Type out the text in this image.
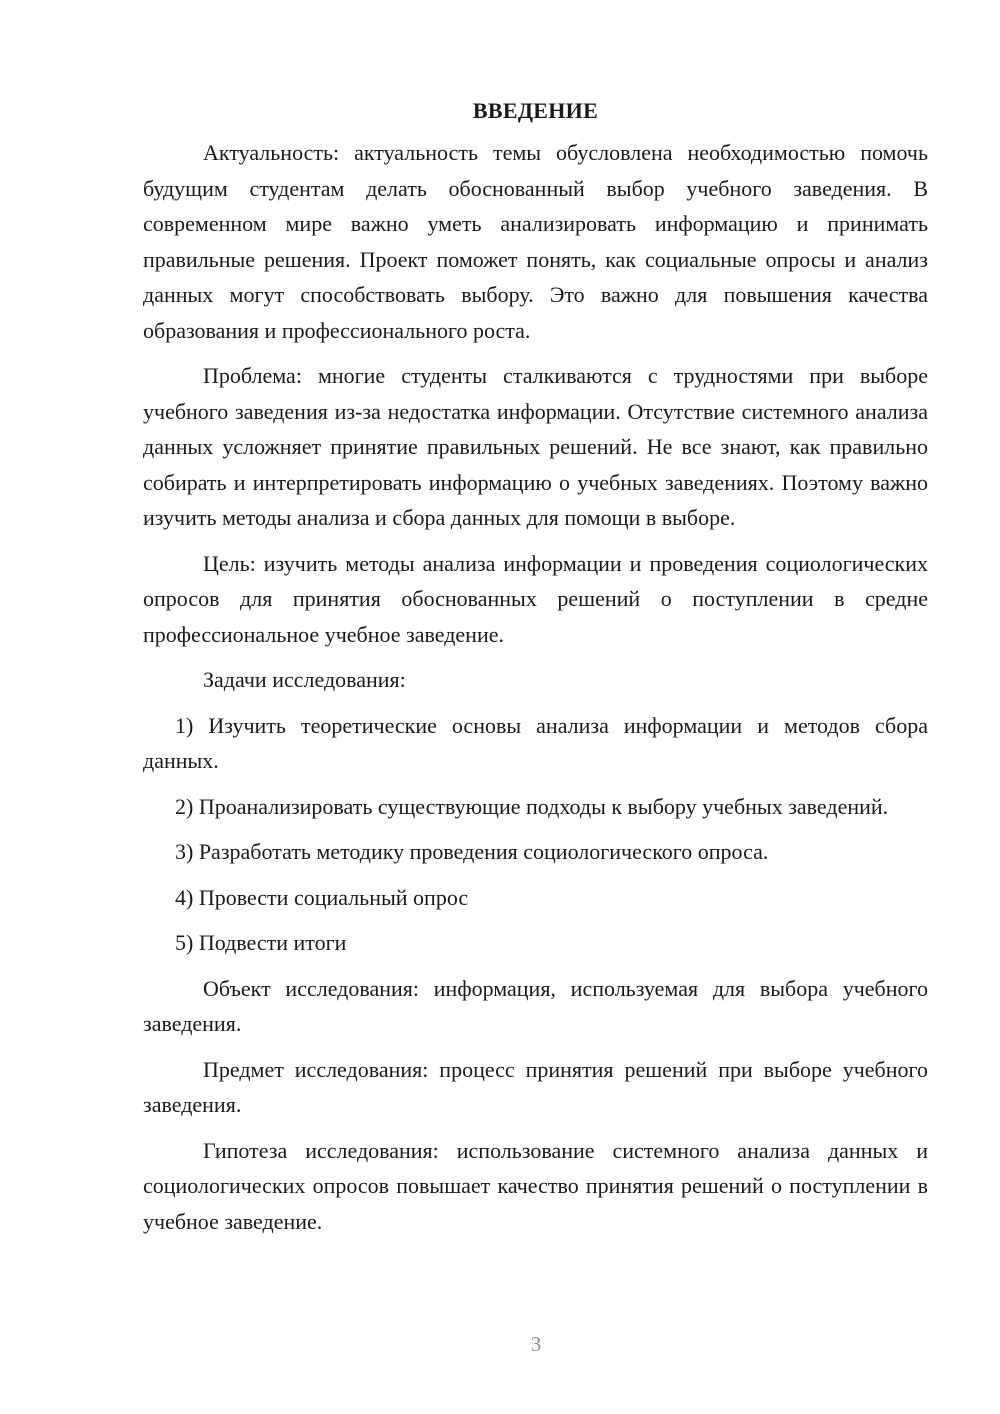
ВВЕДЕНИЕ

Актуальность: актуальность темы обусловлена необходимостью помочь будущим студентам делать обоснованный выбор учебного заведения. В современном мире важно уметь анализировать информацию и принимать правильные решения. Проект поможет понять, как социальные опросы и анализ данных могут способствовать выбору. Это важно для повышения качества образования и профессионального роста.

Проблема: многие студенты сталкиваются с трудностями при выборе учебного заведения из-за недостатка информации. Отсутствие системного анализа данных усложняет принятие правильных решений. Не все знают, как правильно собирать и интерпретировать информацию о учебных заведениях. Поэтому важно изучить методы анализа и сбора данных для помощи в выборе.

Цель: изучить методы анализа информации и проведения социологических опросов для принятия обоснованных решений о поступлении в средне профессиональное учебное заведение.

Задачи исследования:

1) Изучить теоретические основы анализа информации и методов сбора данных.

2) Проанализировать существующие подходы к выбору учебных заведений.

3) Разработать методику проведения социологического опроса.

4) Провести социальный опрос

5) Подвести итоги

Объект исследования: информация, используемая для выбора учебного заведения.

Предмет исследования: процесс принятия решений при выборе учебного заведения.

Гипотеза исследования: использование системного анализа данных и социологических опросов повышает качество принятия решений о поступлении в учебное заведение.

3
